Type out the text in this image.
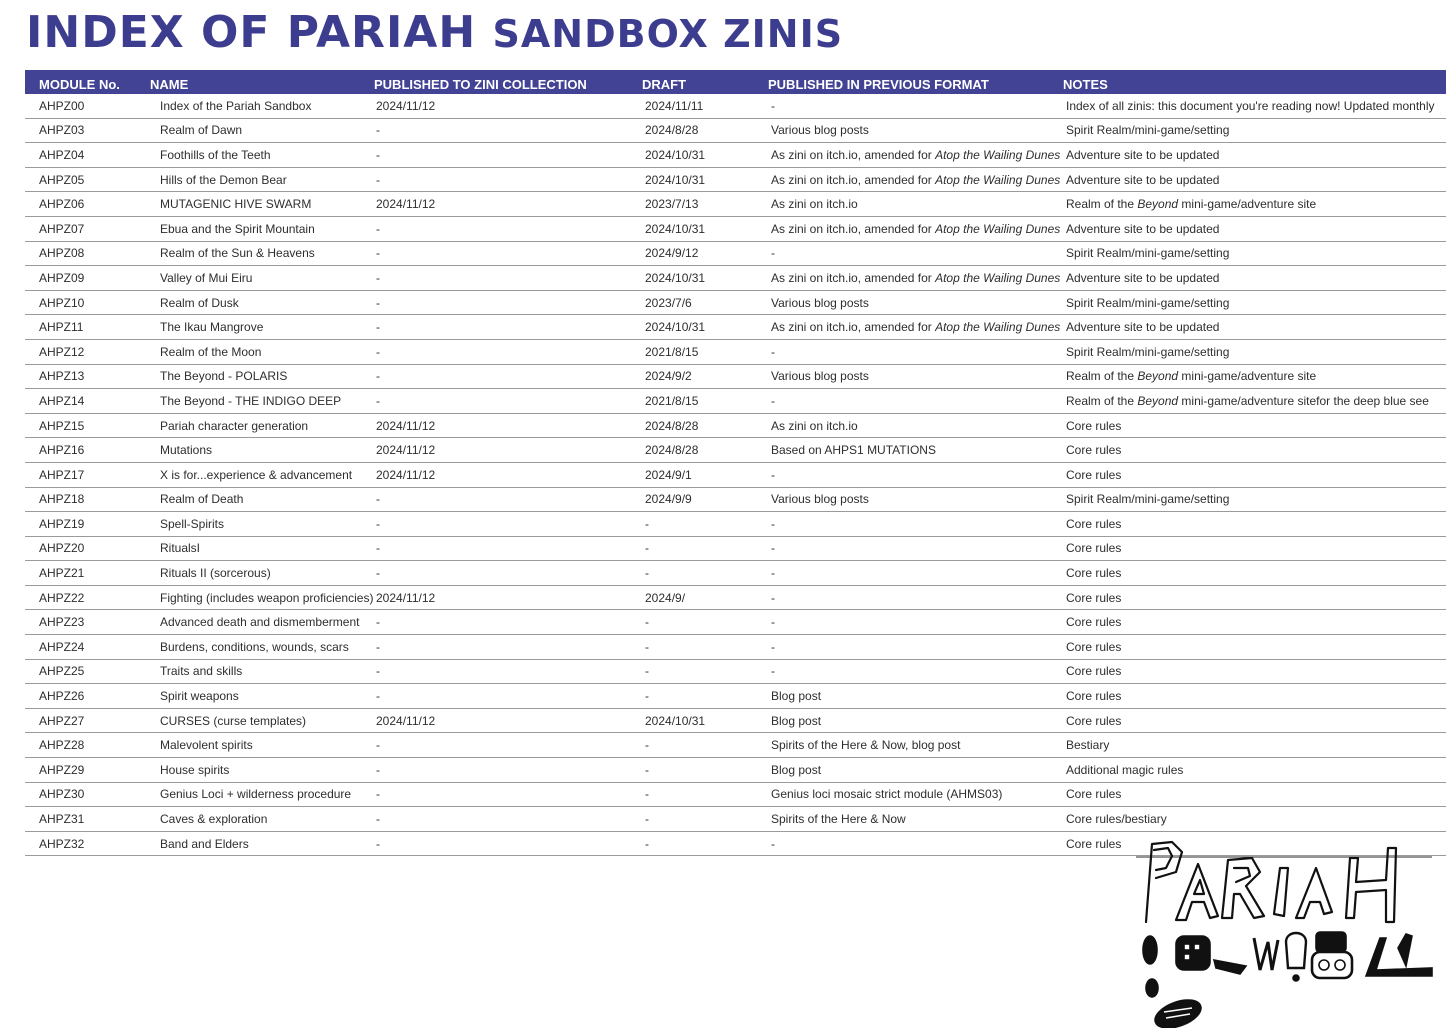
INDEX OF PARIAH SANDBOX ZINIS
MODULE No.	NAME	PUBLISHED TO ZINI COLLECTION	DRAFT	PUBLISHED IN PREVIOUS FORMAT	NOTES
AHPZ00	Index of the Pariah Sandbox	2024/11/12	2024/11/11	-	Index of all zinis: this document you're reading now! Updated monthly
AHPZ03	Realm of Dawn	-	2024/8/28	Various blog posts	Spirit Realm/mini-game/setting
AHPZ04	Foothills of the Teeth	-	2024/10/31	As zini on itch.io, amended for Atop the Wailing Dunes	Adventure site to be updated
AHPZ05	Hills of the Demon Bear	-	2024/10/31	As zini on itch.io, amended for Atop the Wailing Dunes	Adventure site to be updated
AHPZ06	MUTAGENIC HIVE SWARM	2024/11/12	2023/7/13	As zini on itch.io	Realm of the Beyond mini-game/adventure site
AHPZ07	Ebua and the Spirit Mountain	-	2024/10/31	As zini on itch.io, amended for Atop the Wailing Dunes	Adventure site to be updated
AHPZ08	Realm of the Sun & Heavens	-	2024/9/12	-	Spirit Realm/mini-game/setting
AHPZ09	Valley of Mui Eiru	-	2024/10/31	As zini on itch.io, amended for Atop the Wailing Dunes	Adventure site to be updated
AHPZ10	Realm of Dusk	-	2023/7/6	Various blog posts	Spirit Realm/mini-game/setting
AHPZ11	The Ikau Mangrove	-	2024/10/31	As zini on itch.io, amended for Atop the Wailing Dunes	Adventure site to be updated
AHPZ12	Realm of the Moon	-	2021/8/15	-	Spirit Realm/mini-game/setting
AHPZ13	The Beyond - POLARIS	-	2024/9/2	Various blog posts	Realm of the Beyond mini-game/adventure site
AHPZ14	The Beyond - THE INDIGO DEEP	-	2021/8/15	-	Realm of the Beyond mini-game/adventure sitefor the deep blue see
AHPZ15	Pariah character generation	2024/11/12	2024/8/28	As zini on itch.io	Core rules
AHPZ16	Mutations	2024/11/12	2024/8/28	Based on AHPS1 MUTATIONS	Core rules
AHPZ17	X is for...experience & advancement	2024/11/12	2024/9/1	-	Core rules
AHPZ18	Realm of Death	-	2024/9/9	Various blog posts	Spirit Realm/mini-game/setting
AHPZ19	Spell-Spirits	-	-	-	Core rules
AHPZ20	RitualsI	-	-	-	Core rules
AHPZ21	Rituals II (sorcerous)	-	-	-	Core rules
AHPZ22	Fighting (includes weapon proficiencies)	2024/11/12	2024/9/	-	Core rules
AHPZ23	Advanced death and dismemberment	-	-	-	Core rules
AHPZ24	Burdens, conditions, wounds, scars	-	-	-	Core rules
AHPZ25	Traits and skills	-	-	-	Core rules
AHPZ26	Spirit weapons	-	-	Blog post	Core rules
AHPZ27	CURSES (curse templates)	2024/11/12	2024/10/31	Blog post	Core rules
AHPZ28	Malevolent spirits	-	-	Spirits of the Here & Now, blog post	Bestiary
AHPZ29	House spirits	-	-	Blog post	Additional magic rules
AHPZ30	Genius Loci + wilderness procedure	-	-	Genius loci mosaic strict module (AHMS03)	Core rules
AHPZ31	Caves & exploration	-	-	Spirits of the Here & Now	Core rules/bestiary
AHPZ32	Band and Elders	-	-	-	Core rules
